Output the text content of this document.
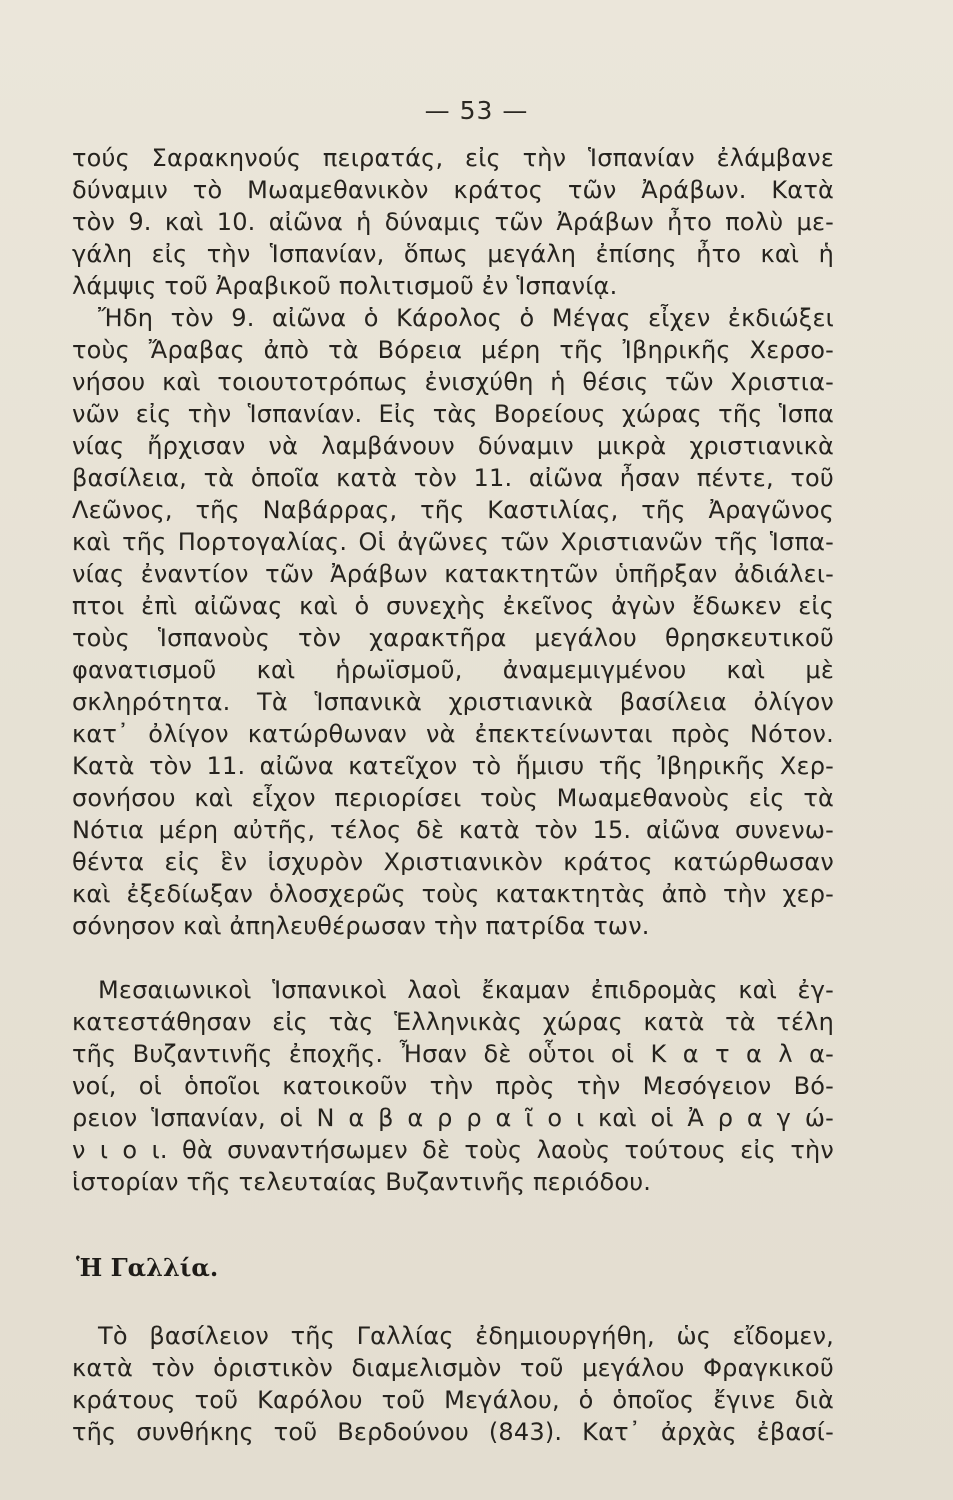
— 53 —
τούς Σαρακηνούς πειρατάς, εἰς τὴν Ἱσπανίαν ἐλάμβανε
δύναμιν τὸ Μωαμεθανικὸν κράτος τῶν Ἀράβων. Κατὰ
τὸν 9. καὶ 10. αἰῶνα ἡ δύναμις τῶν Ἀράβων ἦτο πολὺ με-
γάλη εἰς τὴν Ἱσπανίαν, ὅπως μεγάλη ἐπίσης ἦτο καὶ ἡ
λάμψις τοῦ Ἀραβικοῦ πολιτισμοῦ ἐν Ἱσπανίᾳ.
Ἤδη τὸν 9. αἰῶνα ὁ Κάρολος ὁ Μέγας εἶχεν ἐκδιώξει
τοὺς Ἄραβας ἀπὸ τὰ Βόρεια μέρη τῆς Ἰβηρικῆς Χερσο-
νήσου καὶ τοιουτοτρόπως ἐνισχύθη ἡ θέσις τῶν Χριστια-
νῶν εἰς τὴν Ἱσπανίαν. Εἰς τὰς Βορείους χώρας τῆς Ἱσπα
νίας ἤρχισαν νὰ λαμβάνουν δύναμιν μικρὰ χριστιανικὰ
βασίλεια, τὰ ὁποῖα κατὰ τὸν 11. αἰῶνα ἦσαν πέντε, τοῦ
Λεῶνος, τῆς Ναβάρρας, τῆς Καστιλίας, τῆς Ἀραγῶνος
καὶ τῆς Πορτογαλίας. Οἱ ἀγῶνες τῶν Χριστιανῶν τῆς Ἱσπα-
νίας ἐναντίον τῶν Ἀράβων κατακτητῶν ὑπῆρξαν ἀδιάλει-
πτοι ἐπὶ αἰῶνας καὶ ὁ συνεχὴς ἐκεῖνος ἀγὼν ἔδωκεν εἰς
τοὺς Ἱσπανοὺς τὸν χαρακτῆρα μεγάλου θρησκευτικοῦ
φανατισμοῦ καὶ ἡρωϊσμοῦ, ἀναμεμιγμένου καὶ μὲ
σκληρότητα. Τὰ Ἱσπανικὰ χριστιανικὰ βασίλεια ὀλίγον
κατ᾽ ὀλίγον κατώρθωναν νὰ ἐπεκτείνωνται πρὸς Νότον.
Κατὰ τὸν 11. αἰῶνα κατεῖχον τὸ ἥμισυ τῆς Ἰβηρικῆς Χερ-
σονήσου καὶ εἶχον περιορίσει τοὺς Μωαμεθανοὺς εἰς τὰ
Νότια μέρη αὐτῆς, τέλος δὲ κατὰ τὸν 15. αἰῶνα συνενω-
θέντα εἰς ἓν ἰσχυρὸν Χριστιανικὸν κράτος κατώρθωσαν
καὶ ἐξεδίωξαν ὁλοσχερῶς τοὺς κατακτητὰς ἀπὸ τὴν χερ-
σόνησον καὶ ἀπηλευθέρωσαν τὴν πατρίδα των.
Μεσαιωνικοὶ Ἱσπανικοὶ λαοὶ ἔκαμαν ἐπιδρομὰς καὶ ἐγ-
κατεστάθησαν εἰς τὰς Ἑλληνικὰς χώρας κατὰ τὰ τέλη
τῆς Βυζαντινῆς ἐποχῆς. Ἦσαν δὲ οὗτοι οἱ Κ α τ α λ α-
νοί, οἱ ὁποῖοι κατοικοῦν τὴν πρὸς τὴν Μεσόγειον Βό-
ρειον Ἱσπανίαν, οἱ Ν α β α ρ ρ α ῖ ο ι καὶ οἱ Ἀ ρ α γ ώ-
ν ι ο ι. θὰ συναντήσωμεν δὲ τοὺς λαοὺς τούτους εἰς τὴν
ἱστορίαν τῆς τελευταίας Βυζαντινῆς περιόδου.
Ἡ Γαλλία.
Τὸ βασίλειον τῆς Γαλλίας ἐδημιουργήθη, ὡς εἴδομεν,
κατὰ τὸν ὁριστικὸν διαμελισμὸν τοῦ μεγάλου Φραγκικοῦ
κράτους τοῦ Καρόλου τοῦ Μεγάλου, ὁ ὁποῖος ἔγινε διὰ
τῆς συνθήκης τοῦ Βερδούνου (843). Κατ᾽ ἀρχὰς ἐβασί-
